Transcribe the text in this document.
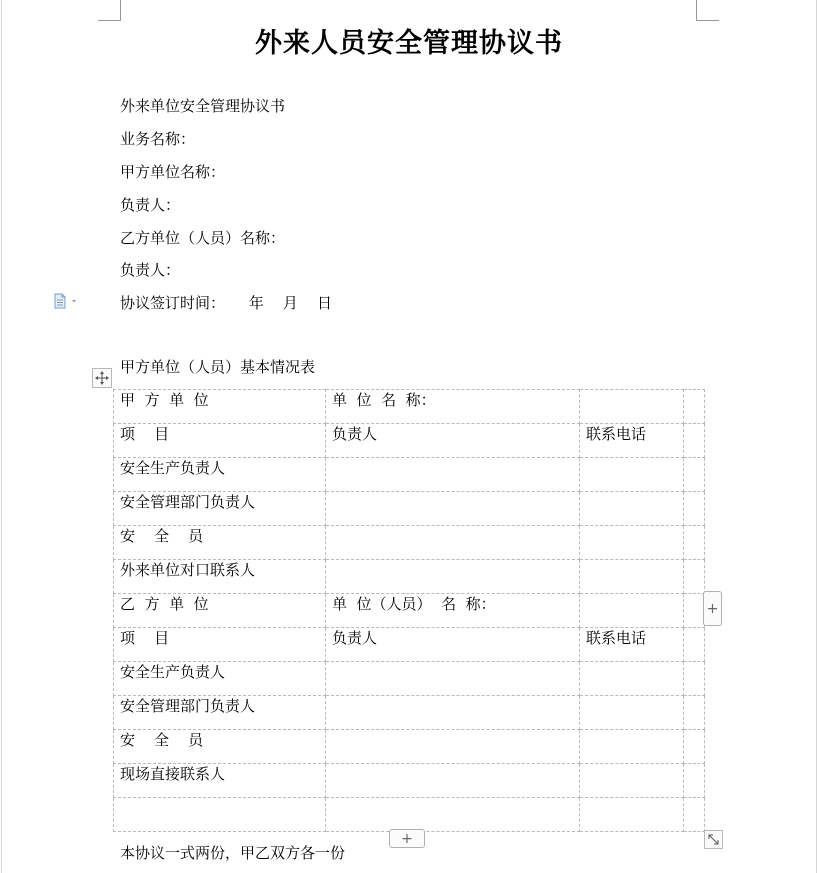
外来人员安全管理协议书

外来单位安全管理协议书

业务名称：

甲方单位名称：

负责人：

乙方单位（人员）名称：

负责人：

协议签订时间：     年    月    日

甲方单位（人员）基本情况表

甲  方  单  位	单  位  名  称：		

项    目	负责人	联系电话	

安全生产负责人			

安全管理部门负责人			

安    全    员			

外来单位对口联系人			

乙  方  单  位	单  位（人员）  名  称：		

项    目	负责人	联系电话	

安全生产负责人			

安全管理部门负责人			

安    全    员			

现场直接联系人			

+
+

本协议一式两份，甲乙双方各一份
